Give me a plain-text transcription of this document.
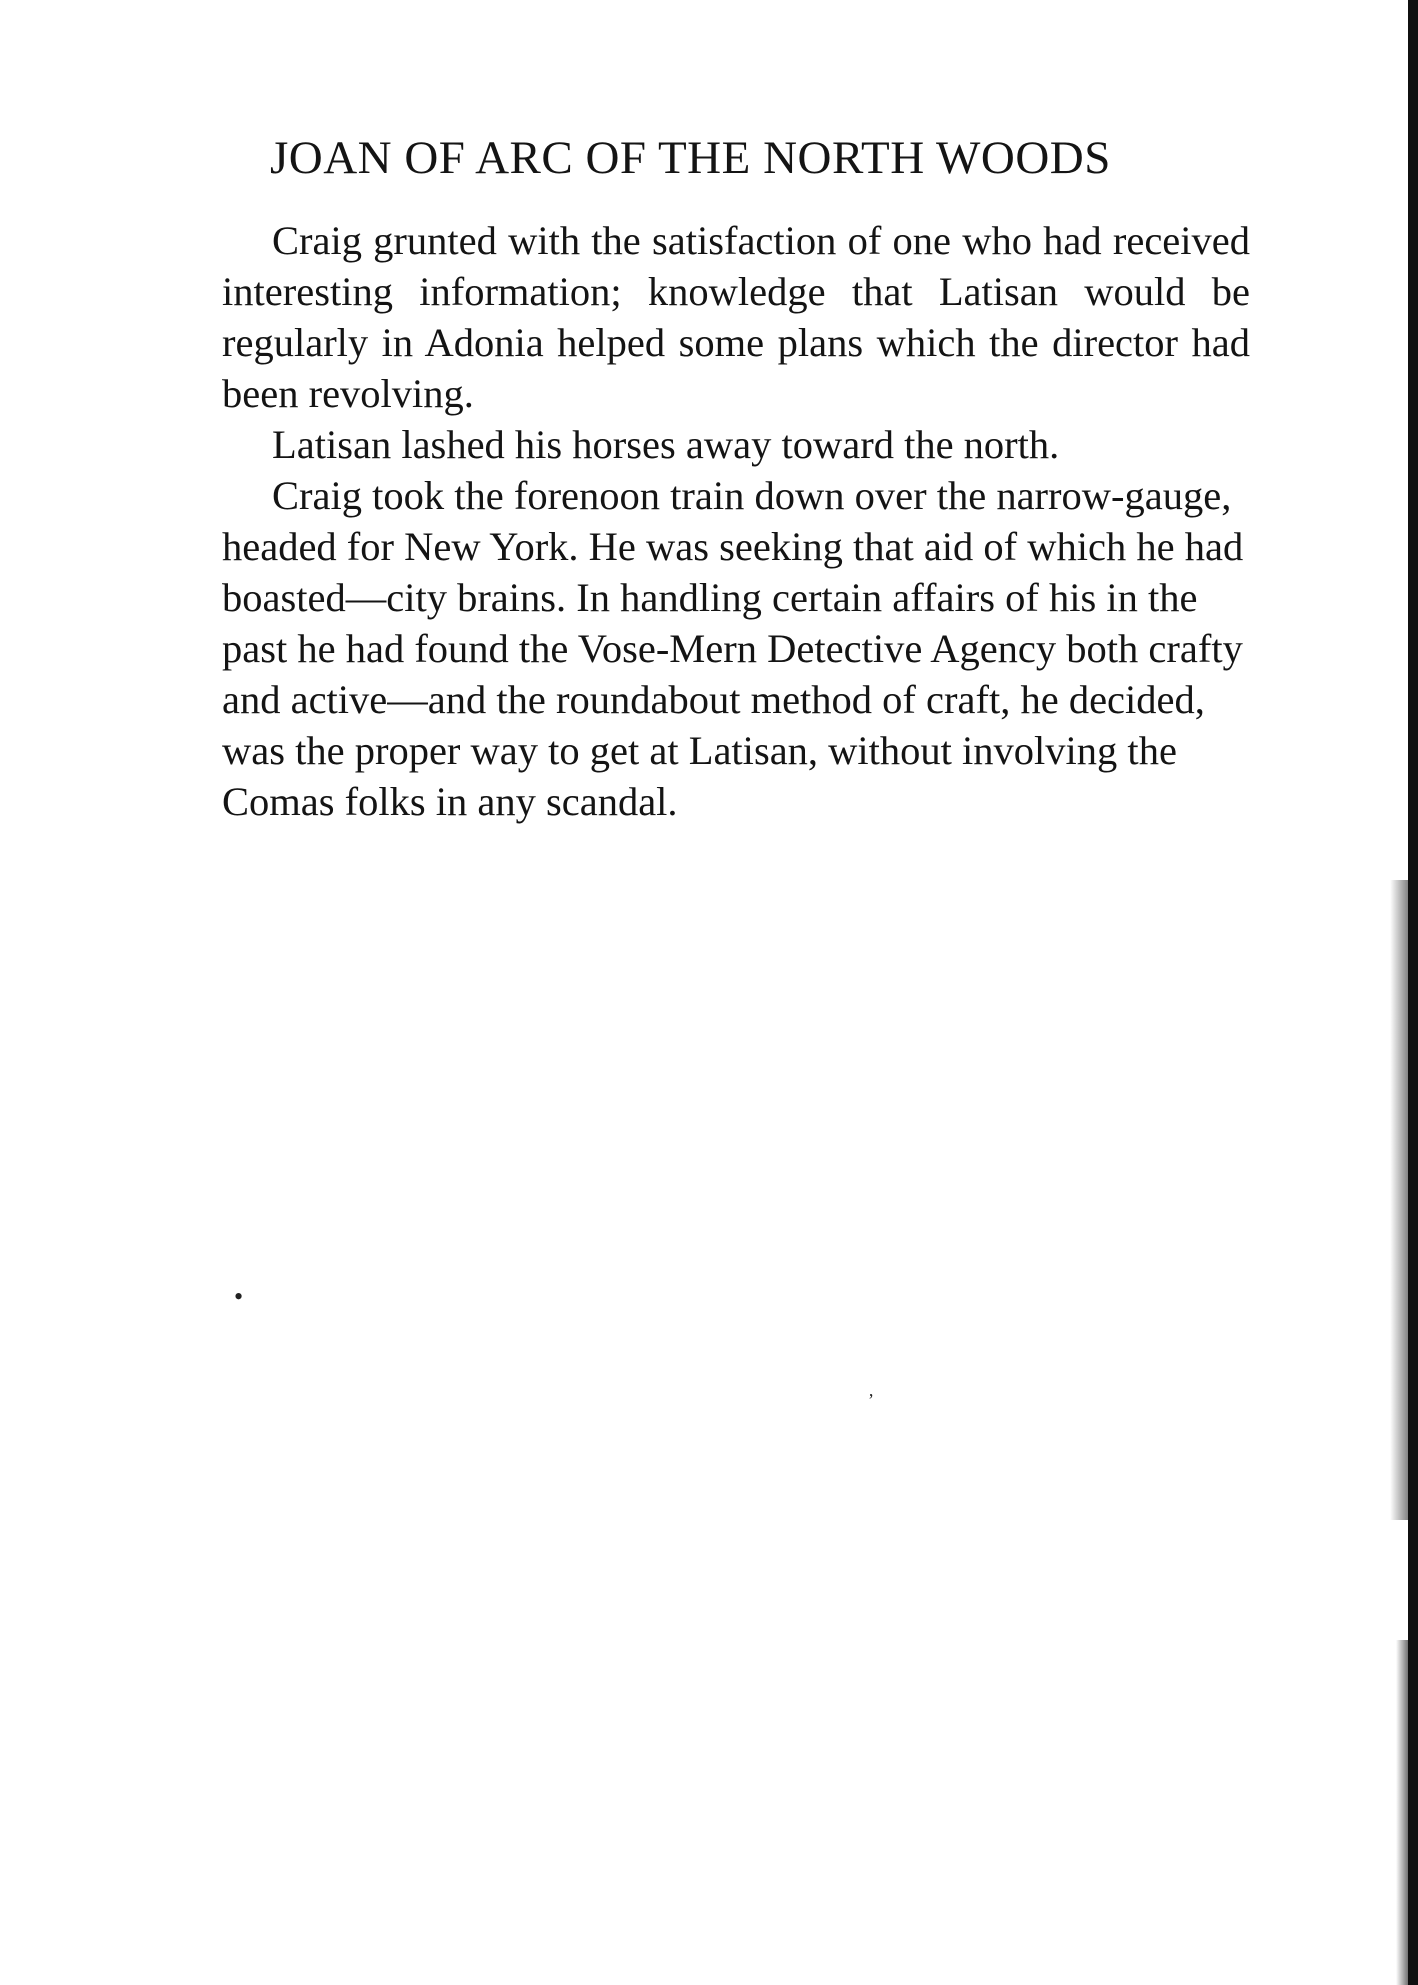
JOAN OF ARC OF THE NORTH WOODS

Craig grunted with the satisfaction of one who had received interesting information; knowledge that Latisan would be regularly in Adonia helped some plans which the director had been revolving.

Latisan lashed his horses away toward the north.

Craig took the forenoon train down over the narrow-gauge, headed for New York. He was seeking that aid of which he had boasted—city brains. In handling certain affairs of his in the past he had found the Vose-Mern Detective Agency both crafty and active—and the roundabout method of craft, he decided, was the proper way to get at Latisan, without involving the Comas folks in any scandal.

•
’
